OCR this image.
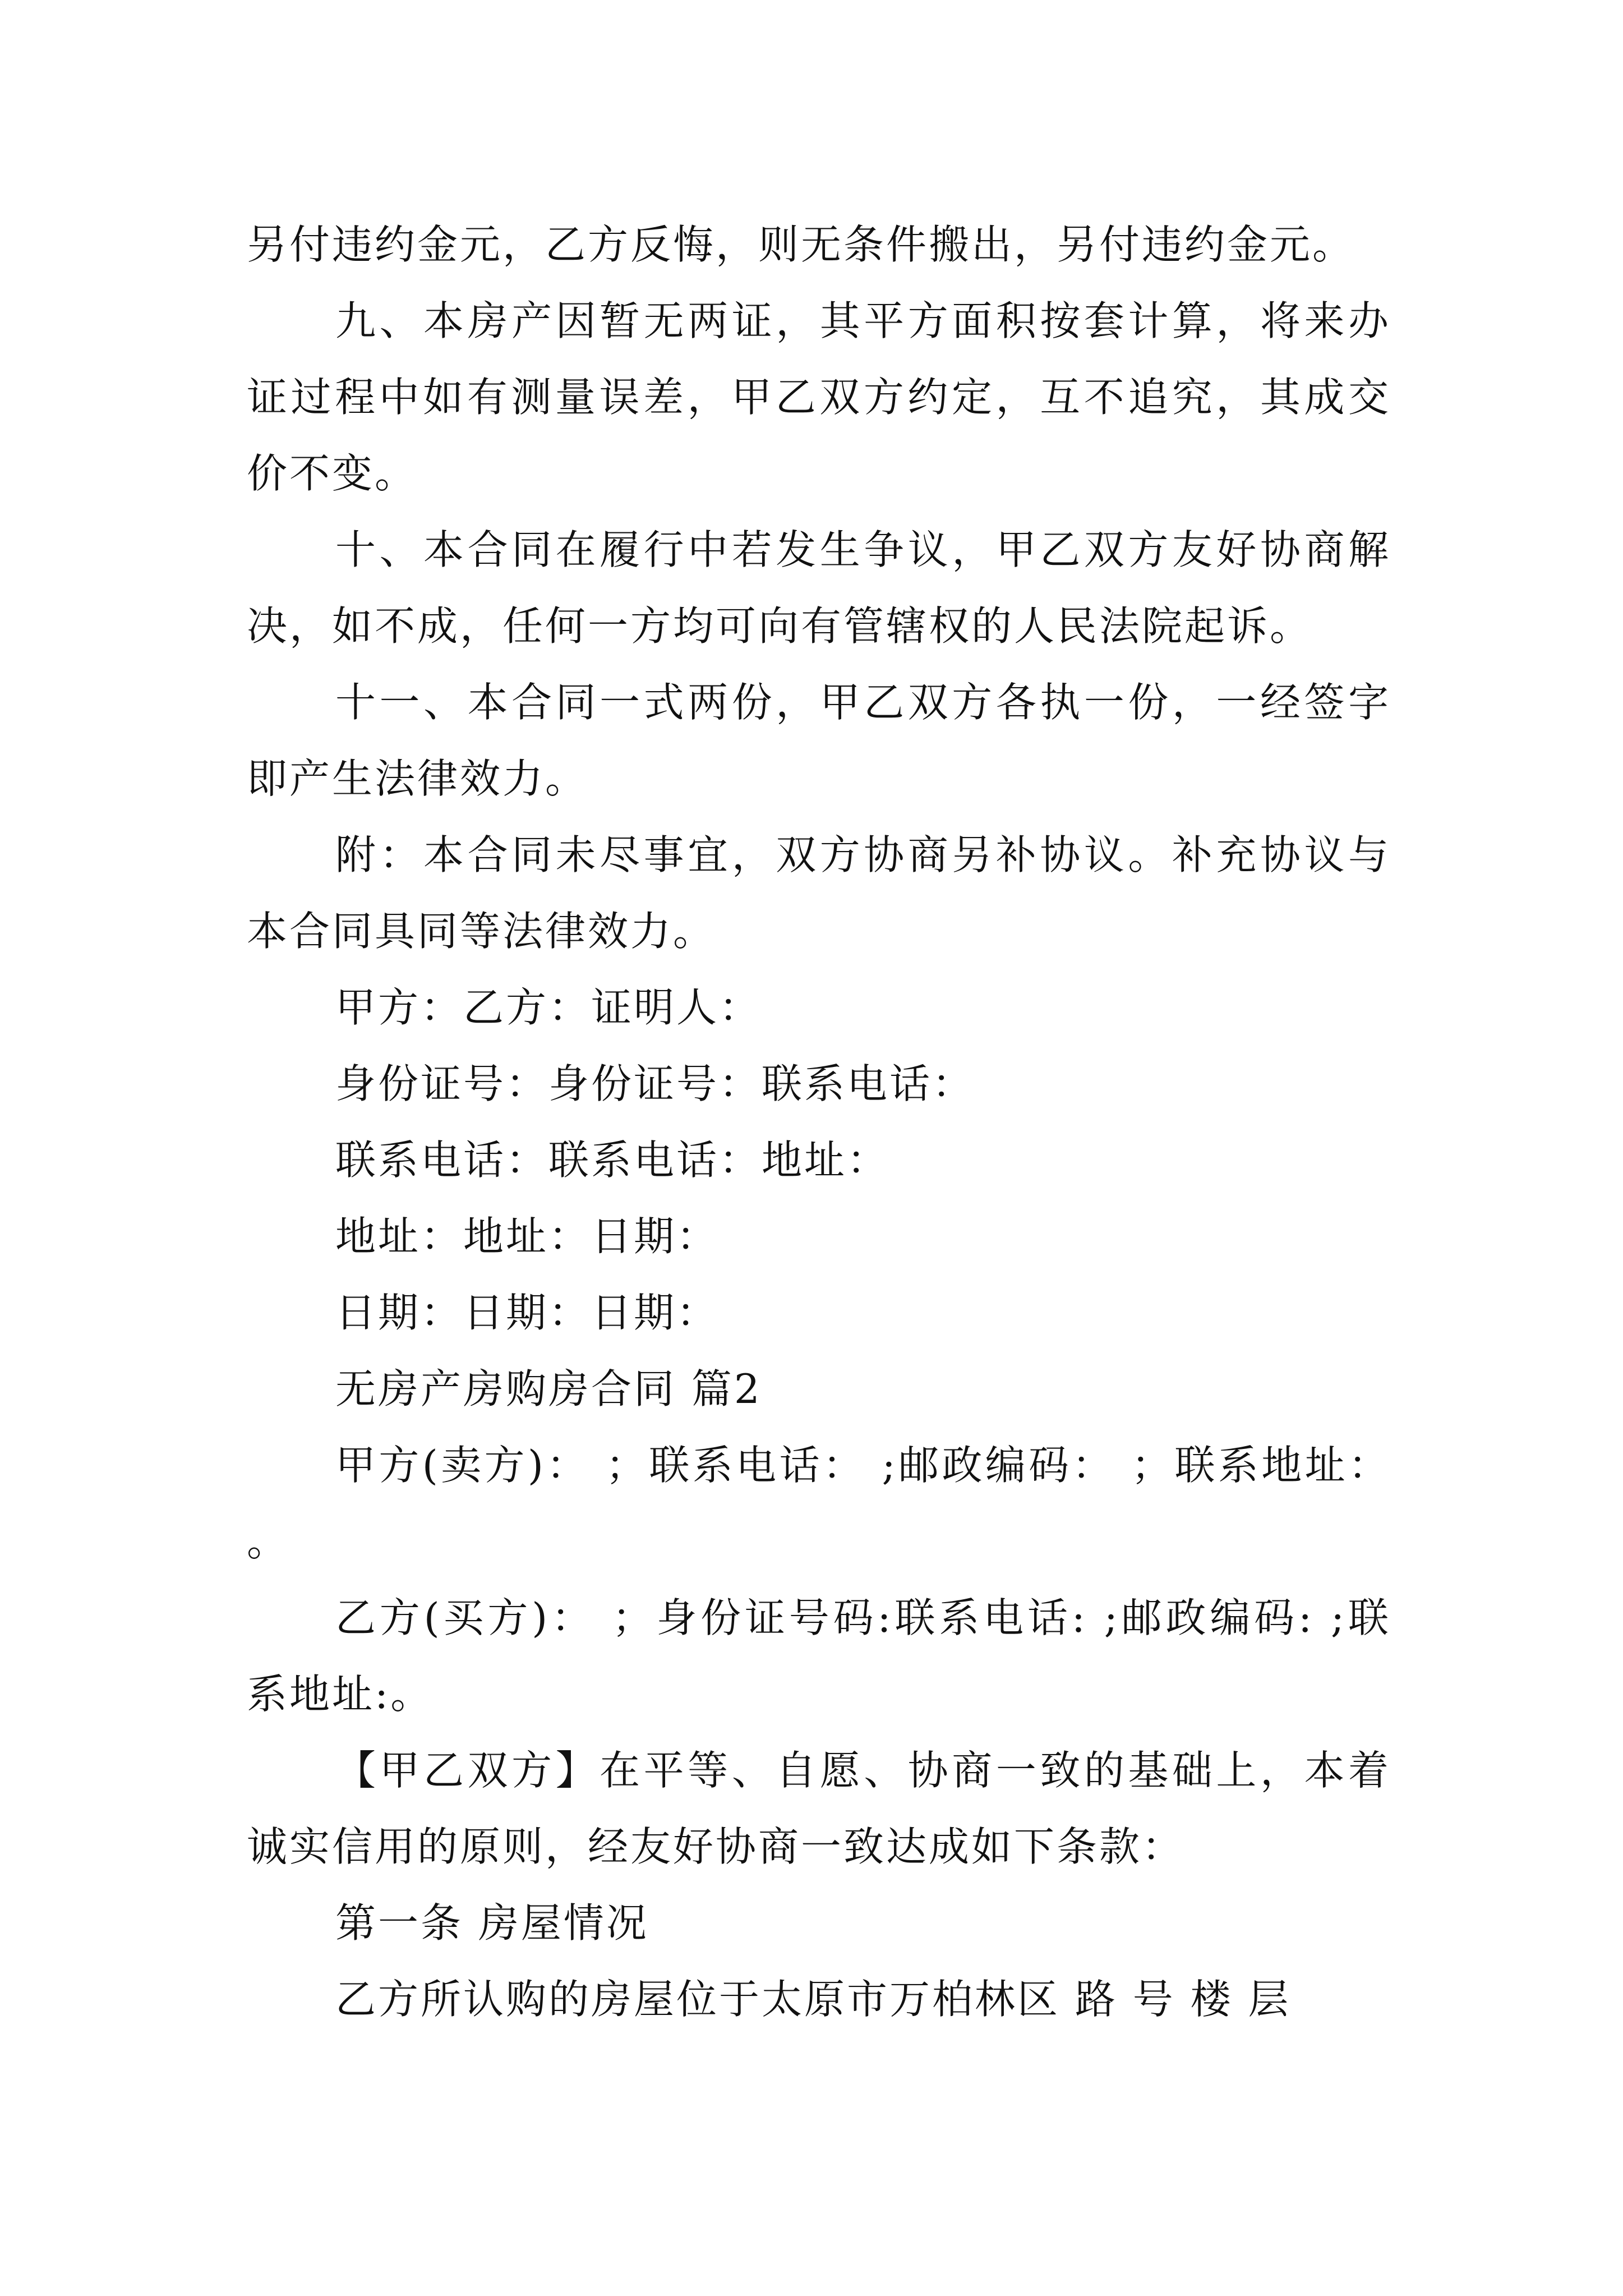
另付违约金元，乙方反悔，则无条件搬出，另付违约金元。

九、本房产因暂无两证，其平方面积按套计算，将来办证过程中如有测量误差，甲乙双方约定，互不追究，其成交价不变。

十、本合同在履行中若发生争议，甲乙双方友好协商解决，如不成，任何一方均可向有管辖权的人民法院起诉。

十一、本合同一式两份，甲乙双方各执一份，一经签字即产生法律效力。

附：本合同未尽事宜，双方协商另补协议。补充协议与本合同具同等法律效力。

甲方：乙方：证明人：

身份证号：身份证号：联系电话：

联系电话：联系电话：地址：

地址：地址：日期：

日期：日期：日期：

无房产房购房合同 篇2

甲方(卖方)： ；联系电话： ;邮政编码： ；联系地址： 。

乙方(买方)： ；身份证号码:联系电话: ;邮政编码: ;联系地址:。

【甲乙双方】在平等、自愿、协商一致的基础上，本着诚实信用的原则，经友好协商一致达成如下条款：

第一条 房屋情况

乙方所认购的房屋位于太原市万柏林区 路 号 楼 层
